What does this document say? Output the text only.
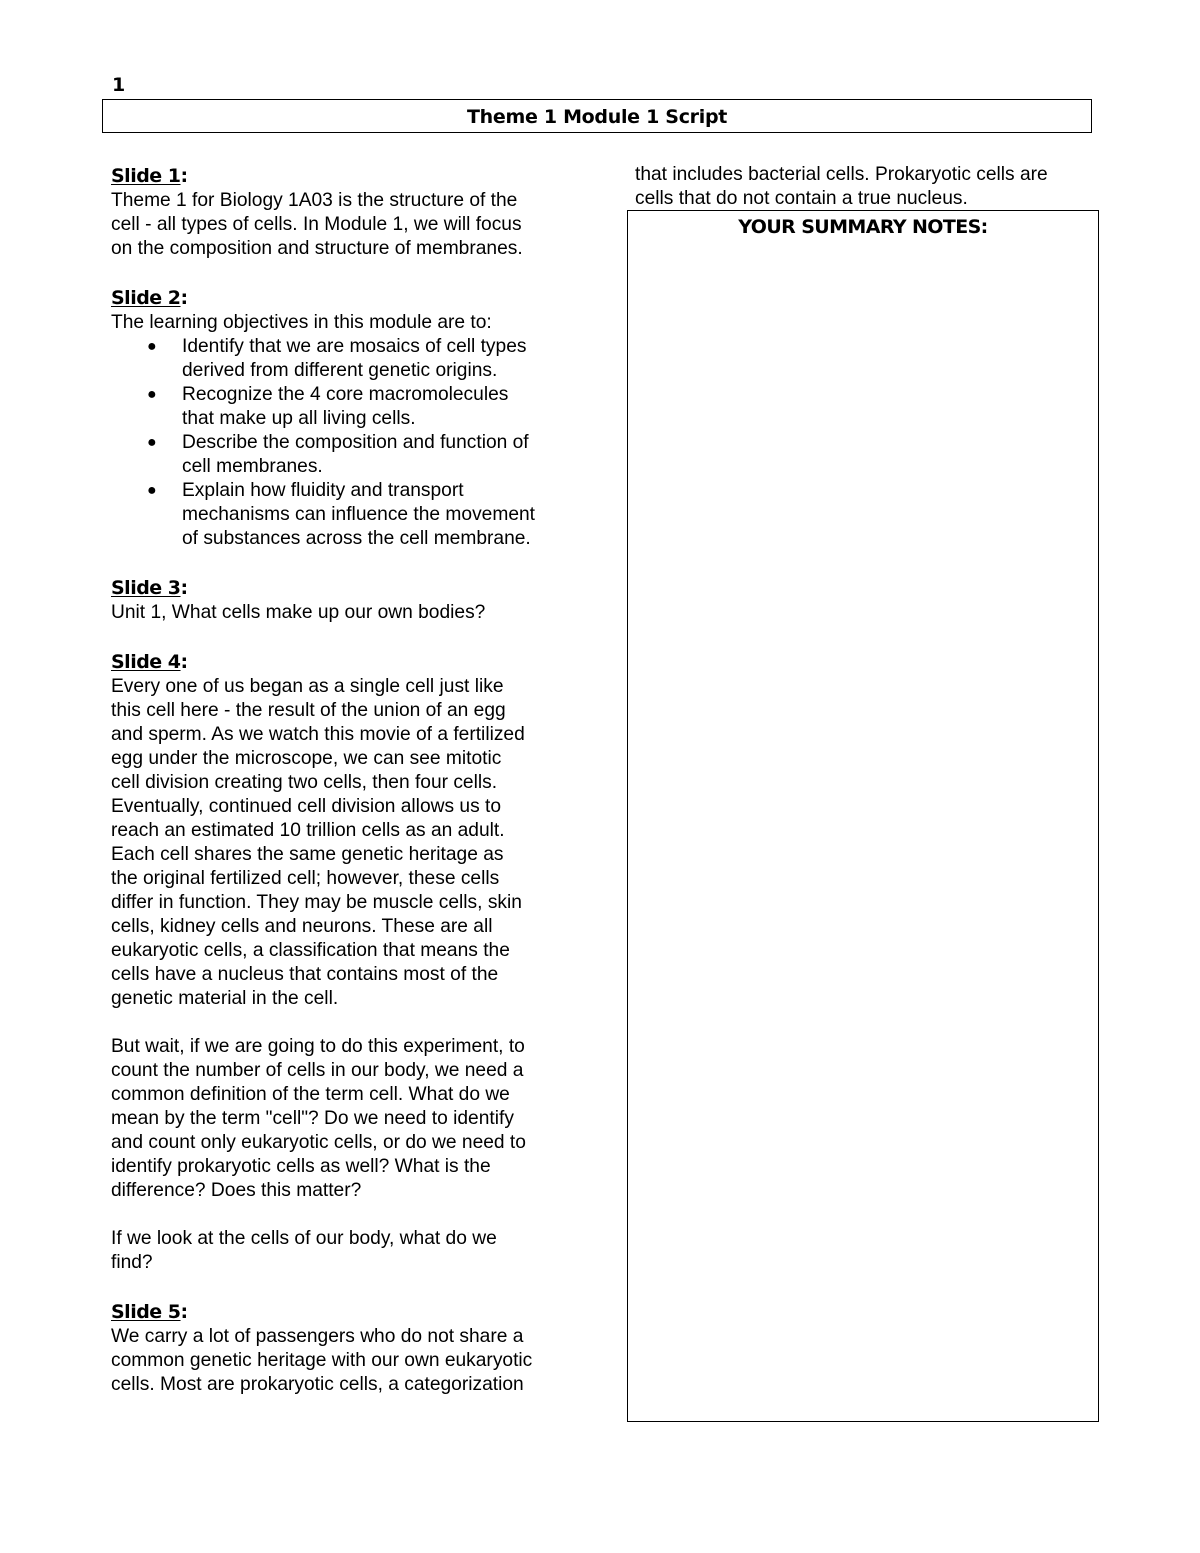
1
Theme 1 Module 1 Script

Slide 1:

Theme 1 for Biology 1A03 is the structure of the
cell - all types of cells. In Module 1, we will focus
on the composition and structure of membranes.

Slide 2:

The learning objectives in this module are to:

● Identify that we are mosaics of cell types
derived from different genetic origins.
● Recognize the 4 core macromolecules
that make up all living cells.
● Describe the composition and function of
cell membranes.
● Explain how fluidity and transport
mechanisms can influence the movement
of substances across the cell membrane.

Slide 3:

Unit 1, What cells make up our own bodies?

Slide 4:

Every one of us began as a single cell just like
this cell here - the result of the union of an egg
and sperm. As we watch this movie of a fertilized
egg under the microscope, we can see mitotic
cell division creating two cells, then four cells.
Eventually, continued cell division allows us to
reach an estimated 10 trillion cells as an adult.
Each cell shares the same genetic heritage as
the original fertilized cell; however, these cells
differ in function. They may be muscle cells, skin
cells, kidney cells and neurons. These are all
eukaryotic cells, a classification that means the
cells have a nucleus that contains most of the
genetic material in the cell.

But wait, if we are going to do this experiment, to
count the number of cells in our body, we need a
common definition of the term cell. What do we
mean by the term "cell"? Do we need to identify
and count only eukaryotic cells, or do we need to
identify prokaryotic cells as well? What is the
difference? Does this matter?

If we look at the cells of our body, what do we
find?

Slide 5:

We carry a lot of passengers who do not share a
common genetic heritage with our own eukaryotic
cells. Most are prokaryotic cells, a categorization

that includes bacterial cells. Prokaryotic cells are
cells that do not contain a true nucleus.
YOUR SUMMARY NOTES:
